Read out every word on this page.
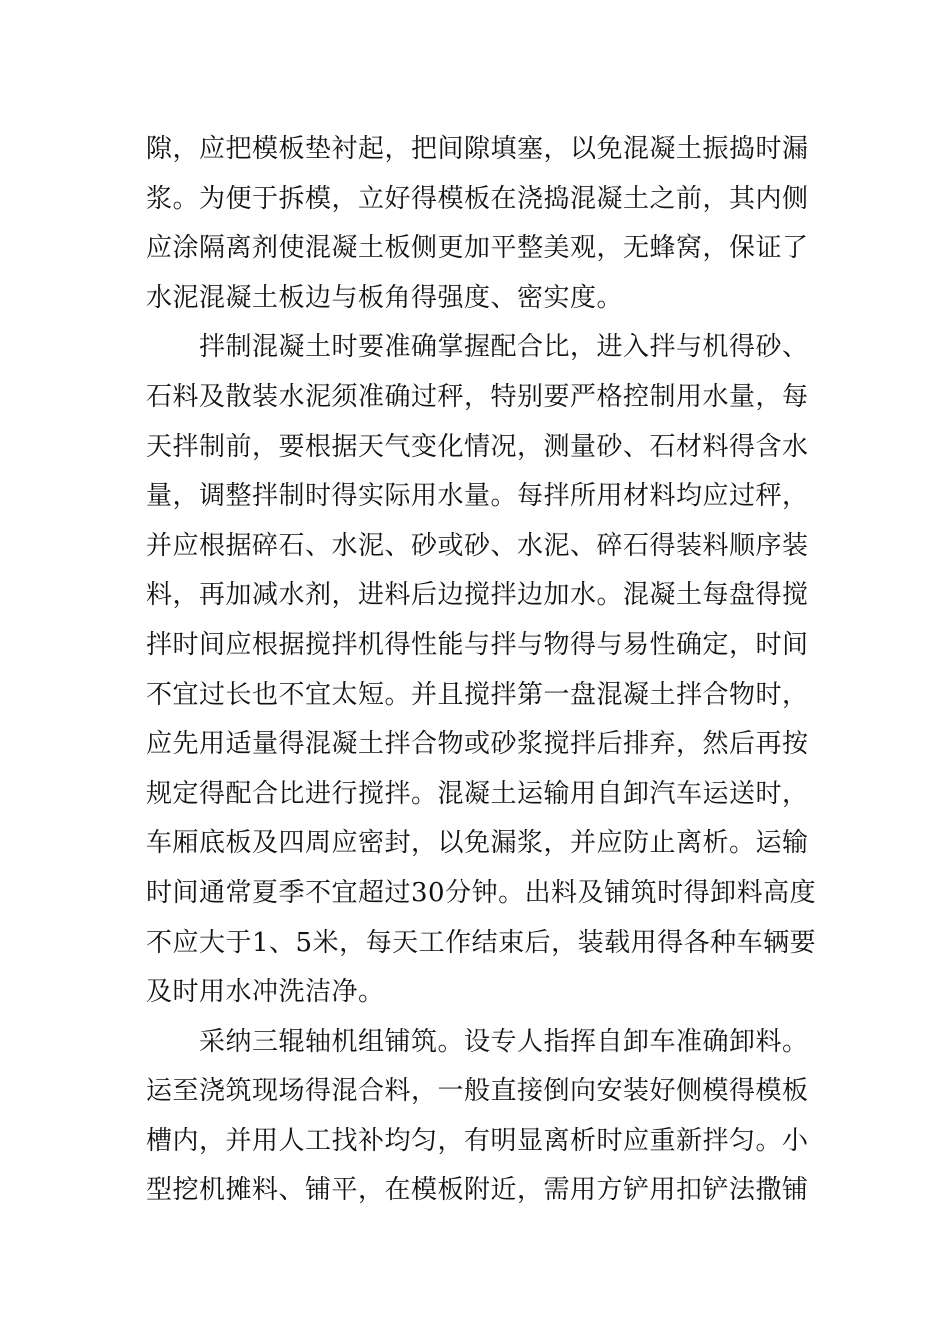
隙，应把模板垫衬起，把间隙填塞，以免混凝土振捣时漏
浆。为便于拆模，立好得模板在浇捣混凝土之前，其内侧
应涂隔离剂使混凝土板侧更加平整美观，无蜂窝，保证了
水泥混凝土板边与板角得强度、密实度。
　　拌制混凝土时要准确掌握配合比，进入拌与机得砂、
石料及散装水泥须准确过秤，特别要严格控制用水量，每
天拌制前，要根据天气变化情况，测量砂、石材料得含水
量，调整拌制时得实际用水量。每拌所用材料均应过秤，
并应根据碎石、水泥、砂或砂、水泥、碎石得装料顺序装
料，再加减水剂，进料后边搅拌边加水。混凝土每盘得搅
拌时间应根据搅拌机得性能与拌与物得与易性确定，时间
不宜过长也不宜太短。并且搅拌第一盘混凝土拌合物时，
应先用适量得混凝土拌合物或砂浆搅拌后排弃，然后再按
规定得配合比进行搅拌。混凝土运输用自卸汽车运送时，
车厢底板及四周应密封，以免漏浆，并应防止离析。运输
时间通常夏季不宜超过30分钟。出料及铺筑时得卸料高度
不应大于1、5米，每天工作结束后，装载用得各种车辆要
及时用水冲洗洁净。
　　采纳三辊轴机组铺筑。设专人指挥自卸车准确卸料。
运至浇筑现场得混合料，一般直接倒向安装好侧模得模板
槽内，并用人工找补均匀，有明显离析时应重新拌匀。小
型挖机摊料、铺平，在模板附近，需用方铲用扣铲法撒铺
